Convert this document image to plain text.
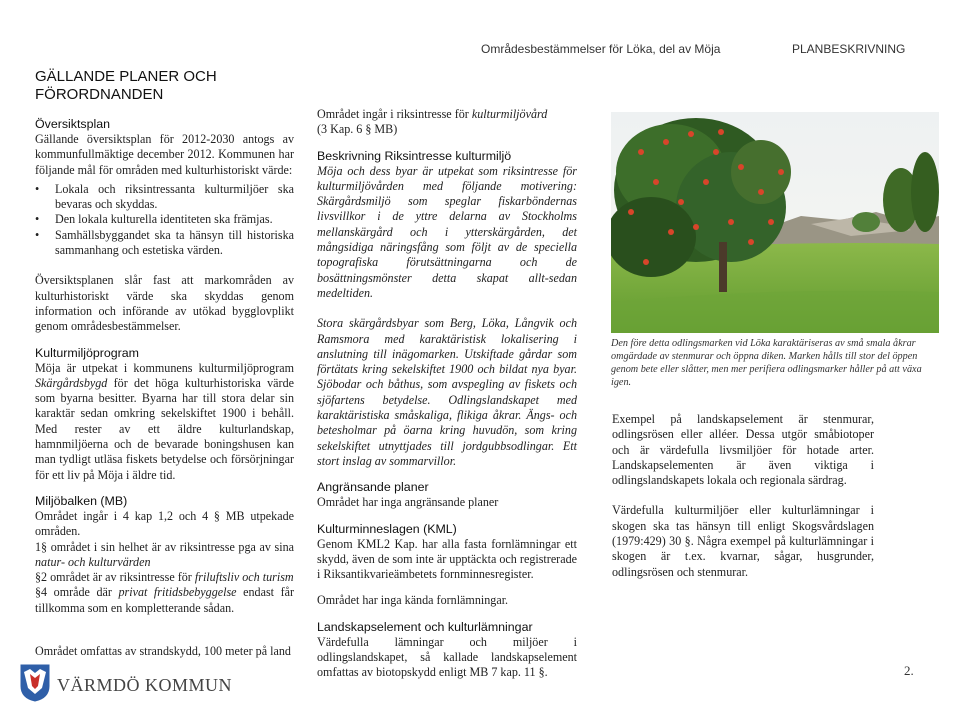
Områdesbestämmelser för Löka, del av Möja	PLANBESKRIVNING
GÄLLANDE PLANER OCH FÖRORDNANDEN
Översiktsplan

Gällande översiktsplan för 2012-2030 antogs av kommunfullmäktige december 2012. Kommunen har följande mål för områden med kulturhistoriskt värde:

• Lokala och riksintressanta kulturmiljöer ska bevaras och skyddas.
• Den lokala kulturella identiteten ska främjas.
• Samhällsbyggandet ska ta hänsyn till historiska sammanhang och estetiska värden.

Översiktsplanen slår fast att markområden av kulturhistoriskt värde ska skyddas genom information och införande av utökad bygglovplikt genom områdesbestämmelser.

Kulturmiljöprogram

Möja är utpekat i kommunens kulturmiljöprogram Skärgårdsbygd för det höga kulturhistoriska värde som byarna besitter. Byarna har till stora delar sin karaktär sedan omkring sekelskiftet 1900 i behåll. Med rester av ett äldre kulturlandskap, hamnmiljöerna och de bevarade boningshusen kan man tydligt utläsa fiskets betydelse och försörjningar för ett liv på Möja i äldre tid.

Miljöbalken (MB)

Området ingår i 4 kap 1,2 och 4 § MB utpekade områden.

1§ området i sin helhet är av riksintresse pga av sina natur- och kulturvärden

§2 området är av riksintresse för friluftsliv och turism

§4 område där privat fritidsbebyggelse endast får tillkomma som en kompletterande sådan.

Området omfattas av strandskydd, 100 meter på land

Området ingår i riksintresse för kulturmiljövård
(3 Kap. 6 § MB)

Beskrivning Riksintresse kulturmiljö

Möja och dess byar är utpekat som riksintresse för kulturmiljövården med följande motivering: Skärgårdsmiljö som speglar fiskarböndernas livsvillkor i de yttre delarna av Stockholms mellanskärgård och i ytterskärgården, det mångsidiga näringsfång som följt av de speciella topografiska förutsättningarna och de bosättningsmönster detta skapat allt-sedan medeltiden.

Stora skärgårdsbyar som Berg, Löka, Långvik och Ramsmora med karaktäristisk lokalisering i anslutning till inägomarken. Utskiftade gårdar som förtätats kring sekelskiftet 1900 och bildat nya byar. Sjöbodar och båthus, som avspegling av fiskets och sjöfartens betydelse. Odlingslandskapet med karaktäristiska småskaliga, flikiga åkrar. Ängs- och betesholmar på öarna kring huvudön, som kring sekelskiftet utnyttjades till jordgubbsodlingar. Ett stort inslag av sommarvillor.

Angränsande planer

Området har inga angränsande planer

Kulturminneslagen (KML)

Genom KML2 Kap. har alla fasta fornlämningar ett skydd, även de som inte är upptäckta och registrerade i Riksantikvarieämbetets fornminnesregister.

Området har inga kända fornlämningar.

Landskapselement och kulturlämningar

Värdefulla lämningar och miljöer i odlingslandskapet, så kallade landskapselement omfattas av biotopskydd enligt MB 7 kap. 11 §.

Den före detta odlingsmarken vid Löka karaktäriseras av små smala åkrar omgärdade av stenmurar och öppna diken. Marken hålls till stor del öppen genom bete eller slåtter, men mer perifiera odlingsmarker håller på att växa igen.

Exempel på landskapselement är stenmurar, odlingsrösen eller alléer. Dessa utgör småbiotoper och är värdefulla livsmiljöer för hotade arter. Landskapselementen är även viktiga i odlingslandskapets lokala och regionala särdrag.

Värdefulla kulturmiljöer eller kulturlämningar i skogen ska tas hänsyn till enligt Skogsvårdslagen (1979:429) 30 §. Några exempel på kulturlämningar i skogen är t.ex. kvarnar, sågar, husgrunder, odlingsrösen och stenmurar.

VÄRMDÖ KOMMUN
2.
